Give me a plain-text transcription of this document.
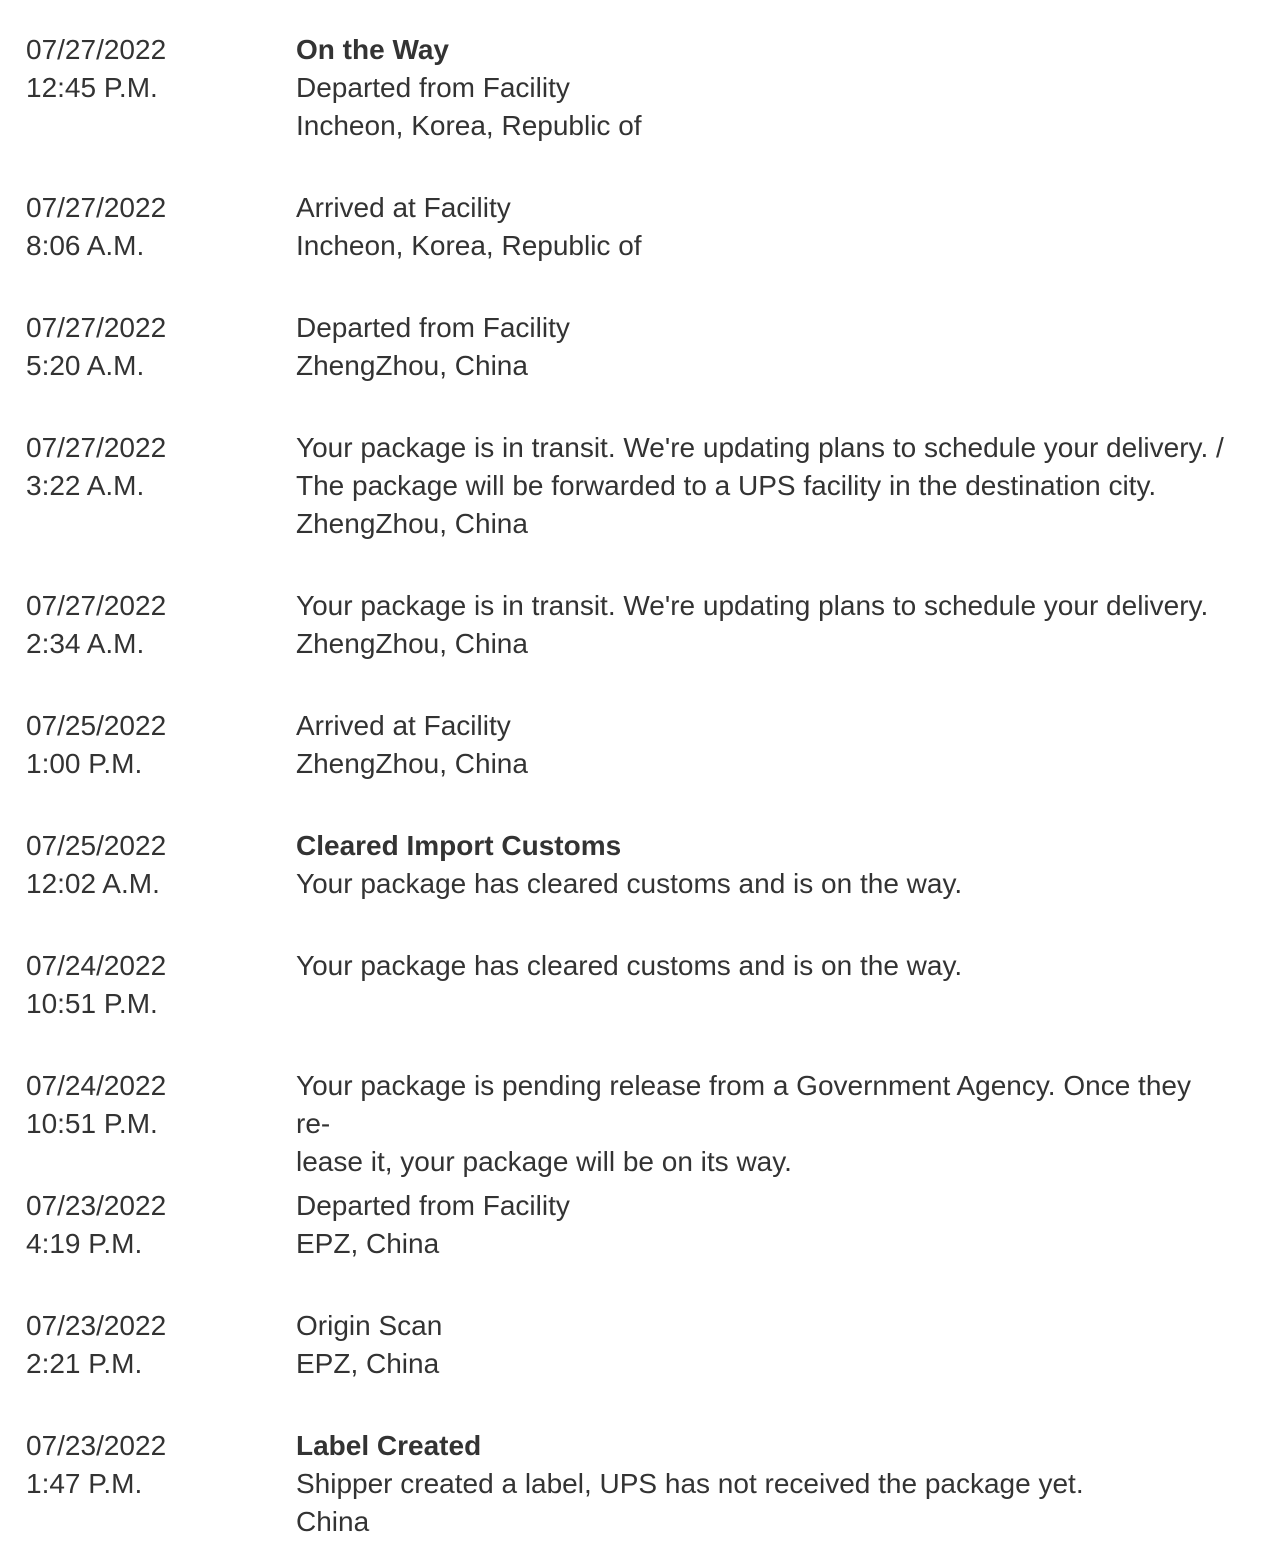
07/27/2022
12:45 P.M.
On the Way
Departed from Facility
Incheon, Korea, Republic of
07/27/2022
8:06 A.M.
Arrived at Facility
Incheon, Korea, Republic of
07/27/2022
5:20 A.M.
Departed from Facility
ZhengZhou, China
07/27/2022
3:22 A.M.
Your package is in transit. We're updating plans to schedule your delivery. /
The package will be forwarded to a UPS facility in the destination city.
ZhengZhou, China
07/27/2022
2:34 A.M.
Your package is in transit. We're updating plans to schedule your delivery.
ZhengZhou, China
07/25/2022
1:00 P.M.
Arrived at Facility
ZhengZhou, China
07/25/2022
12:02 A.M.
Cleared Import Customs
Your package has cleared customs and is on the way.
07/24/2022
10:51 P.M.
Your package has cleared customs and is on the way.
07/24/2022
10:51 P.M.
Your package is pending release from a Government Agency. Once they re-
lease it, your package will be on its way.
07/23/2022
4:19 P.M.
Departed from Facility
EPZ, China
07/23/2022
2:21 P.M.
Origin Scan
EPZ, China
07/23/2022
1:47 P.M.
Label Created
Shipper created a label, UPS has not received the package yet.
China
